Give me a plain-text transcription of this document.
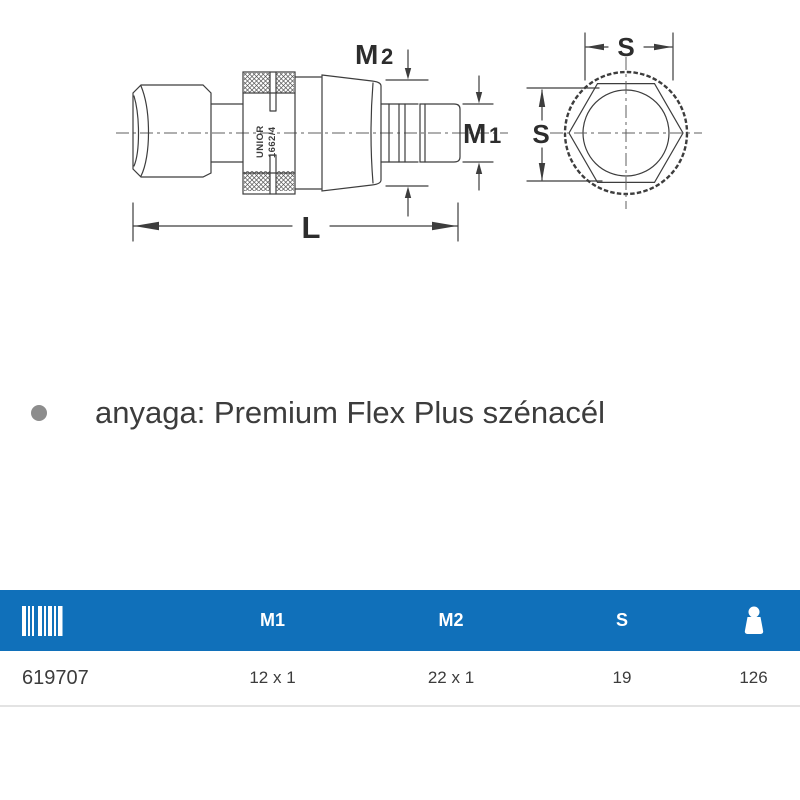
UNIOR 1662/4
M 2
M 1
L
S
S
anyaga: Premium Flex Plus szénacél
	M1	M2	S	
619707	12 x 1	22 x 1	19	126
